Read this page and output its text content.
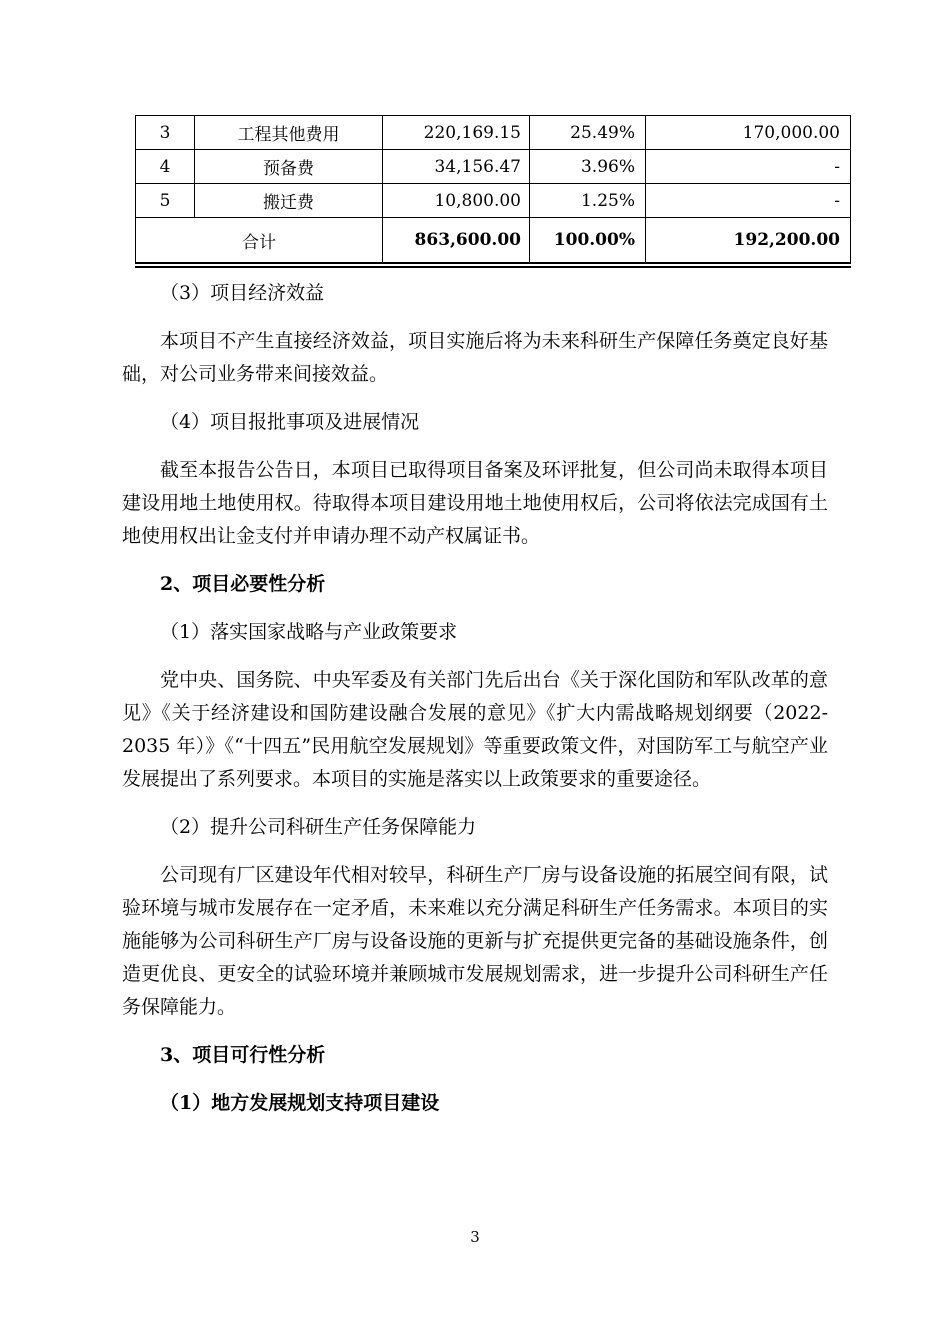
3	工程其他费用	220,169.15	25.49%	170,000.00
4	预备费	34,156.47	3.96%	-
5	搬迁费	10,800.00	1.25%	-
合计		863,600.00	100.00%	192,200.00
（3）项目经济效益
本项目不产生直接经济效益，项目实施后将为未来科研生产保障任务奠定良好基础，对公司业务带来间接效益。
（4）项目报批事项及进展情况
截至本报告公告日，本项目已取得项目备案及环评批复，但公司尚未取得本项目建设用地土地使用权。待取得本项目建设用地土地使用权后，公司将依法完成国有土地使用权出让金支付并申请办理不动产权属证书。
2、项目必要性分析
（1）落实国家战略与产业政策要求
党中央、国务院、中央军委及有关部门先后出台《关于深化国防和军队改革的意见》《关于经济建设和国防建设融合发展的意见》《扩大内需战略规划纲要（2022-2035 年）》《“十四五”民用航空发展规划》等重要政策文件，对国防军工与航空产业发展提出了系列要求。本项目的实施是落实以上政策要求的重要途径。
（2）提升公司科研生产任务保障能力
公司现有厂区建设年代相对较早，科研生产厂房与设备设施的拓展空间有限，试验环境与城市发展存在一定矛盾，未来难以充分满足科研生产任务需求。本项目的实施能够为公司科研生产厂房与设备设施的更新与扩充提供更完备的基础设施条件，创造更优良、更安全的试验环境并兼顾城市发展规划需求，进一步提升公司科研生产任务保障能力。
3、项目可行性分析
（1）地方发展规划支持项目建设
3
